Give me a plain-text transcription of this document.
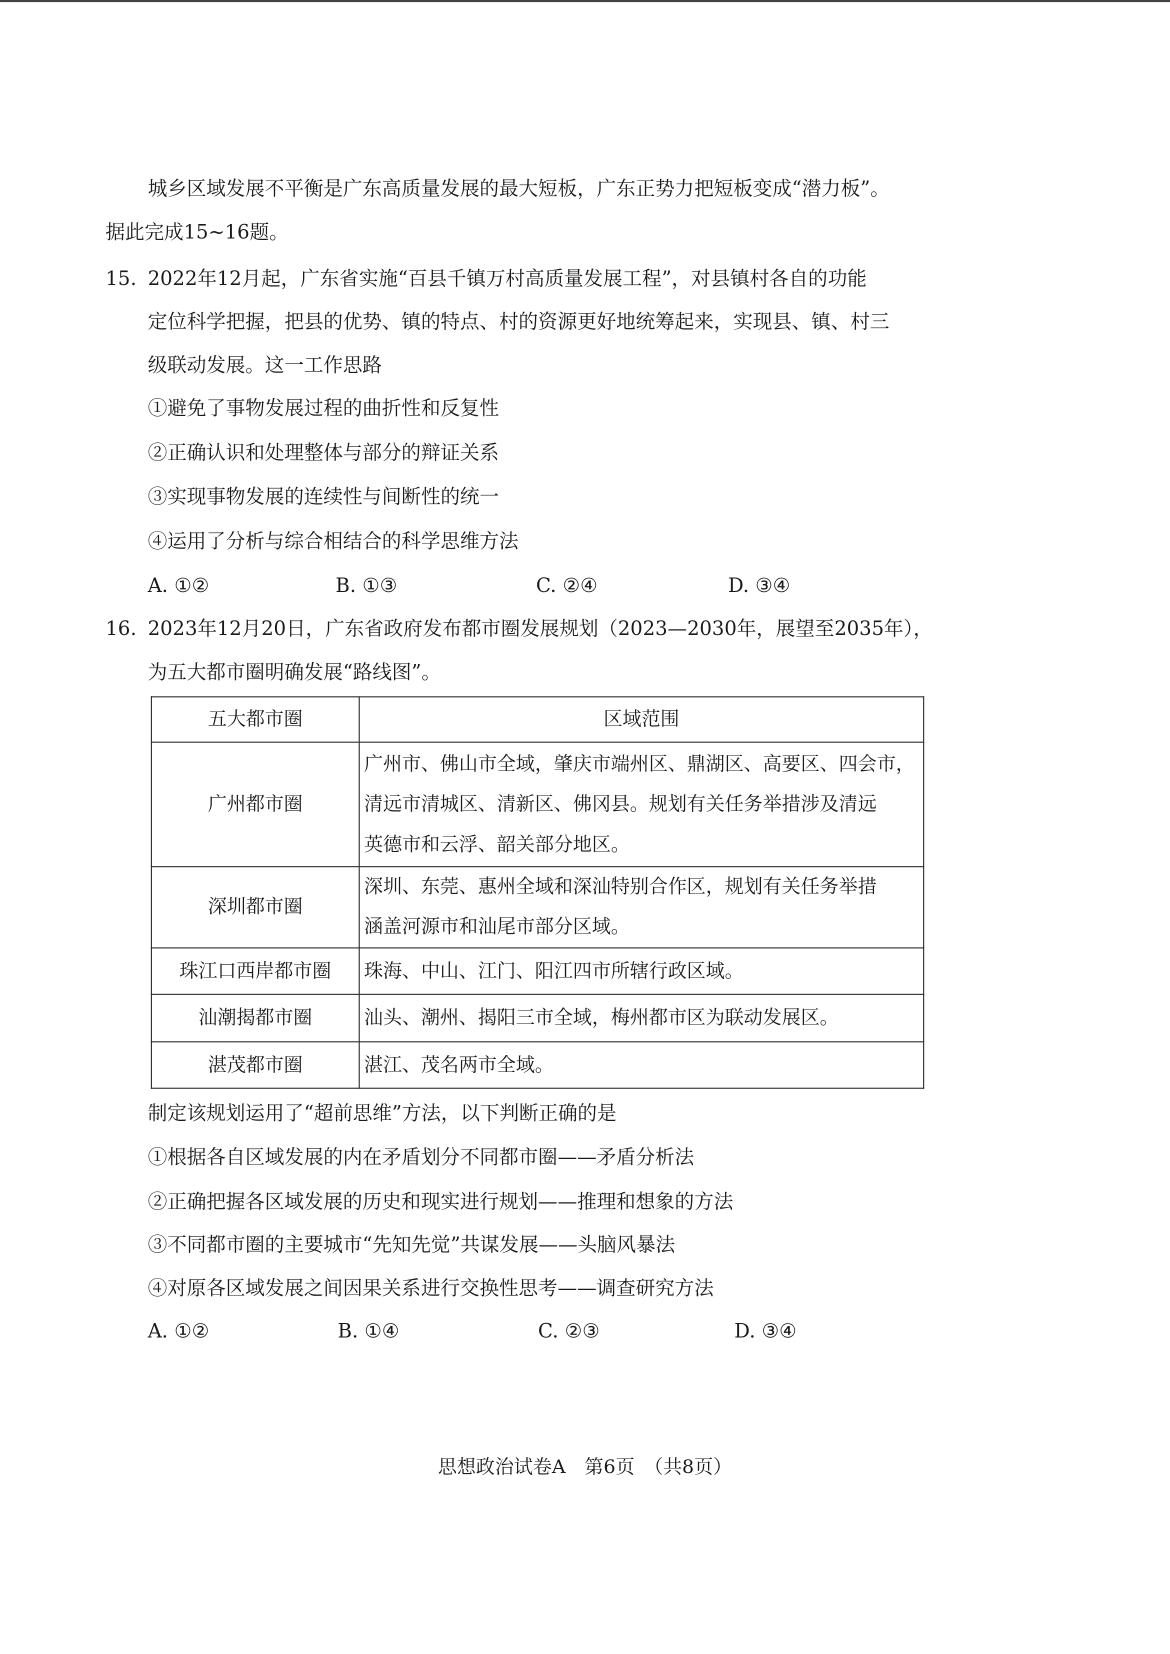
城乡区域发展不平衡是广东高质量发展的最大短板，广东正势力把短板变成“潜力板”。
据此完成15~16题。
15. 2022年12月起，广东省实施“百县千镇万村高质量发展工程”，对县镇村各自的功能
定位科学把握，把县的优势、镇的特点、村的资源更好地统筹起来，实现县、镇、村三
级联动发展。这一工作思路
①避免了事物发展过程的曲折性和反复性
②正确认识和处理整体与部分的辩证关系
③实现事物发展的连续性与间断性的统一
④运用了分析与综合相结合的科学思维方法
A. ①②	B. ①③	C. ②④	D. ③④
16. 2023年12月20日，广东省政府发布都市圈发展规划（2023—2030年，展望至2035年），
为五大都市圈明确发展“路线图”。
五大都市圈	区域范围
广州都市圈	广州市、佛山市全域，肇庆市端州区、鼎湖区、高要区、四会市，
清远市清城区、清新区、佛冈县。规划有关任务举措涉及清远
英德市和云浮、韶关部分地区。

深圳都市圈	深圳、东莞、惠州全域和深汕特别合作区，规划有关任务举措
涵盖河源市和汕尾市部分区域。

珠江口西岸都市圈	珠海、中山、江门、阳江四市所辖行政区域。
汕潮揭都市圈	汕头、潮州、揭阳三市全域，梅州都市区为联动发展区。
湛茂都市圈	湛江、茂名两市全域。
制定该规划运用了“超前思维”方法，以下判断正确的是
①根据各自区域发展的内在矛盾划分不同都市圈——矛盾分析法
②正确把握各区域发展的历史和现实进行规划——推理和想象的方法
③不同都市圈的主要城市“先知先觉”共谋发展——头脑风暴法
④对原各区域发展之间因果关系进行交换性思考——调查研究方法
A. ①②	B. ①④	C. ②③	D. ③④
思想政治试卷A　第6页　（共8页）
